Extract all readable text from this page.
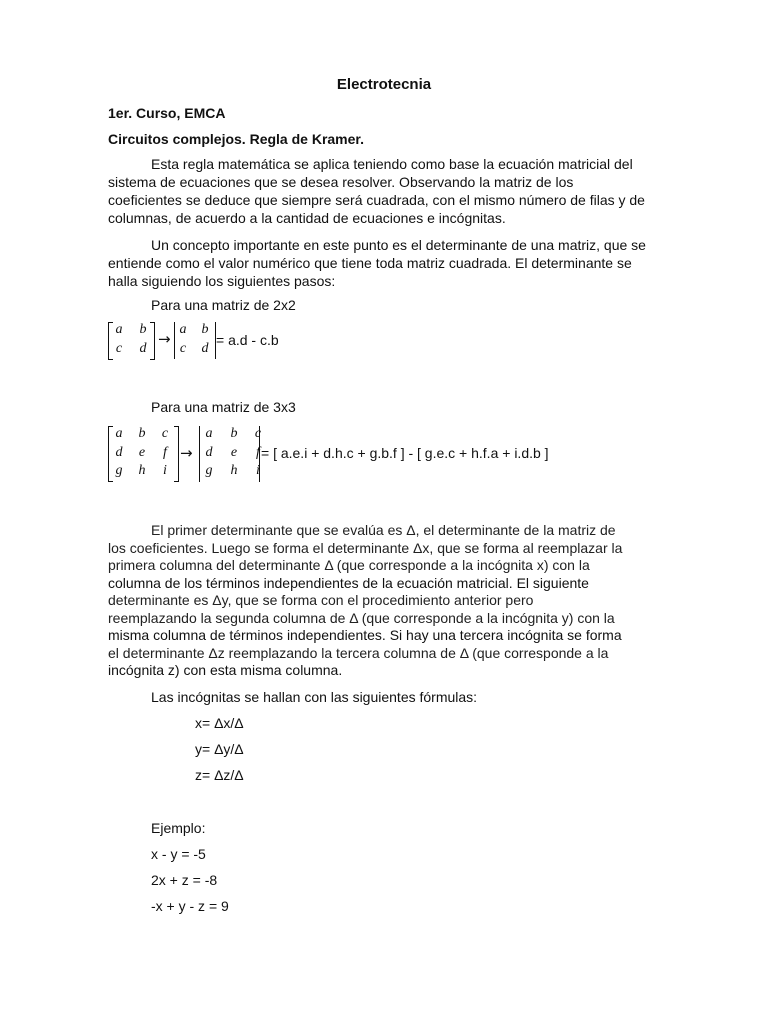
Electrotecnia
1er. Curso, EMCA
Circuitos complejos. Regla de Kramer.
Esta regla matemática se aplica teniendo como base la ecuación matricial del sistema de ecuaciones que se desea resolver. Observando la matriz de los coeficientes se deduce que siempre será cuadrada, con el mismo número de filas y de columnas, de acuerdo a la cantidad de ecuaciones e incógnitas.
Un concepto importante en este punto es el determinante de una matriz, que se entiende como el valor numérico que tiene toda matriz cuadrada. El determinante se halla siguiendo los siguientes pasos:
Para una matriz de 2x2
a	b
c	d
→
a	b
c	d
= a.d - c.b
Para una matriz de 3x3
a	b	c
d	e	f
g	h	i
→
a	b	c
d	e	f
g	h	i
= [ a.e.i + d.h.c + g.b.f ] - [ g.e.c + h.f.a + i.d.b ]
El primer determinante que se evalúa es Δ, el determinante de la matriz de
los coeficientes. Luego se forma el determinante Δx, que se forma al reemplazar la
primera columna del determinante Δ (que corresponde a la incógnita x) con la
columna de los términos independientes de la ecuación matricial. El siguiente
determinante es Δy, que se forma con el procedimiento anterior pero
reemplazando la segunda columna de Δ (que corresponde a la incógnita y) con la
misma columna de términos independientes. Si hay una tercera incógnita se forma
el determinante Δz reemplazando la tercera columna de Δ (que corresponde a la
incógnita z) con esta misma columna.
Las incógnitas se hallan con las siguientes fórmulas:
x= Δx/Δ
y= Δy/Δ
z= Δz/Δ
Ejemplo:
x - y = -5
2x + z = -8
-x + y - z = 9
